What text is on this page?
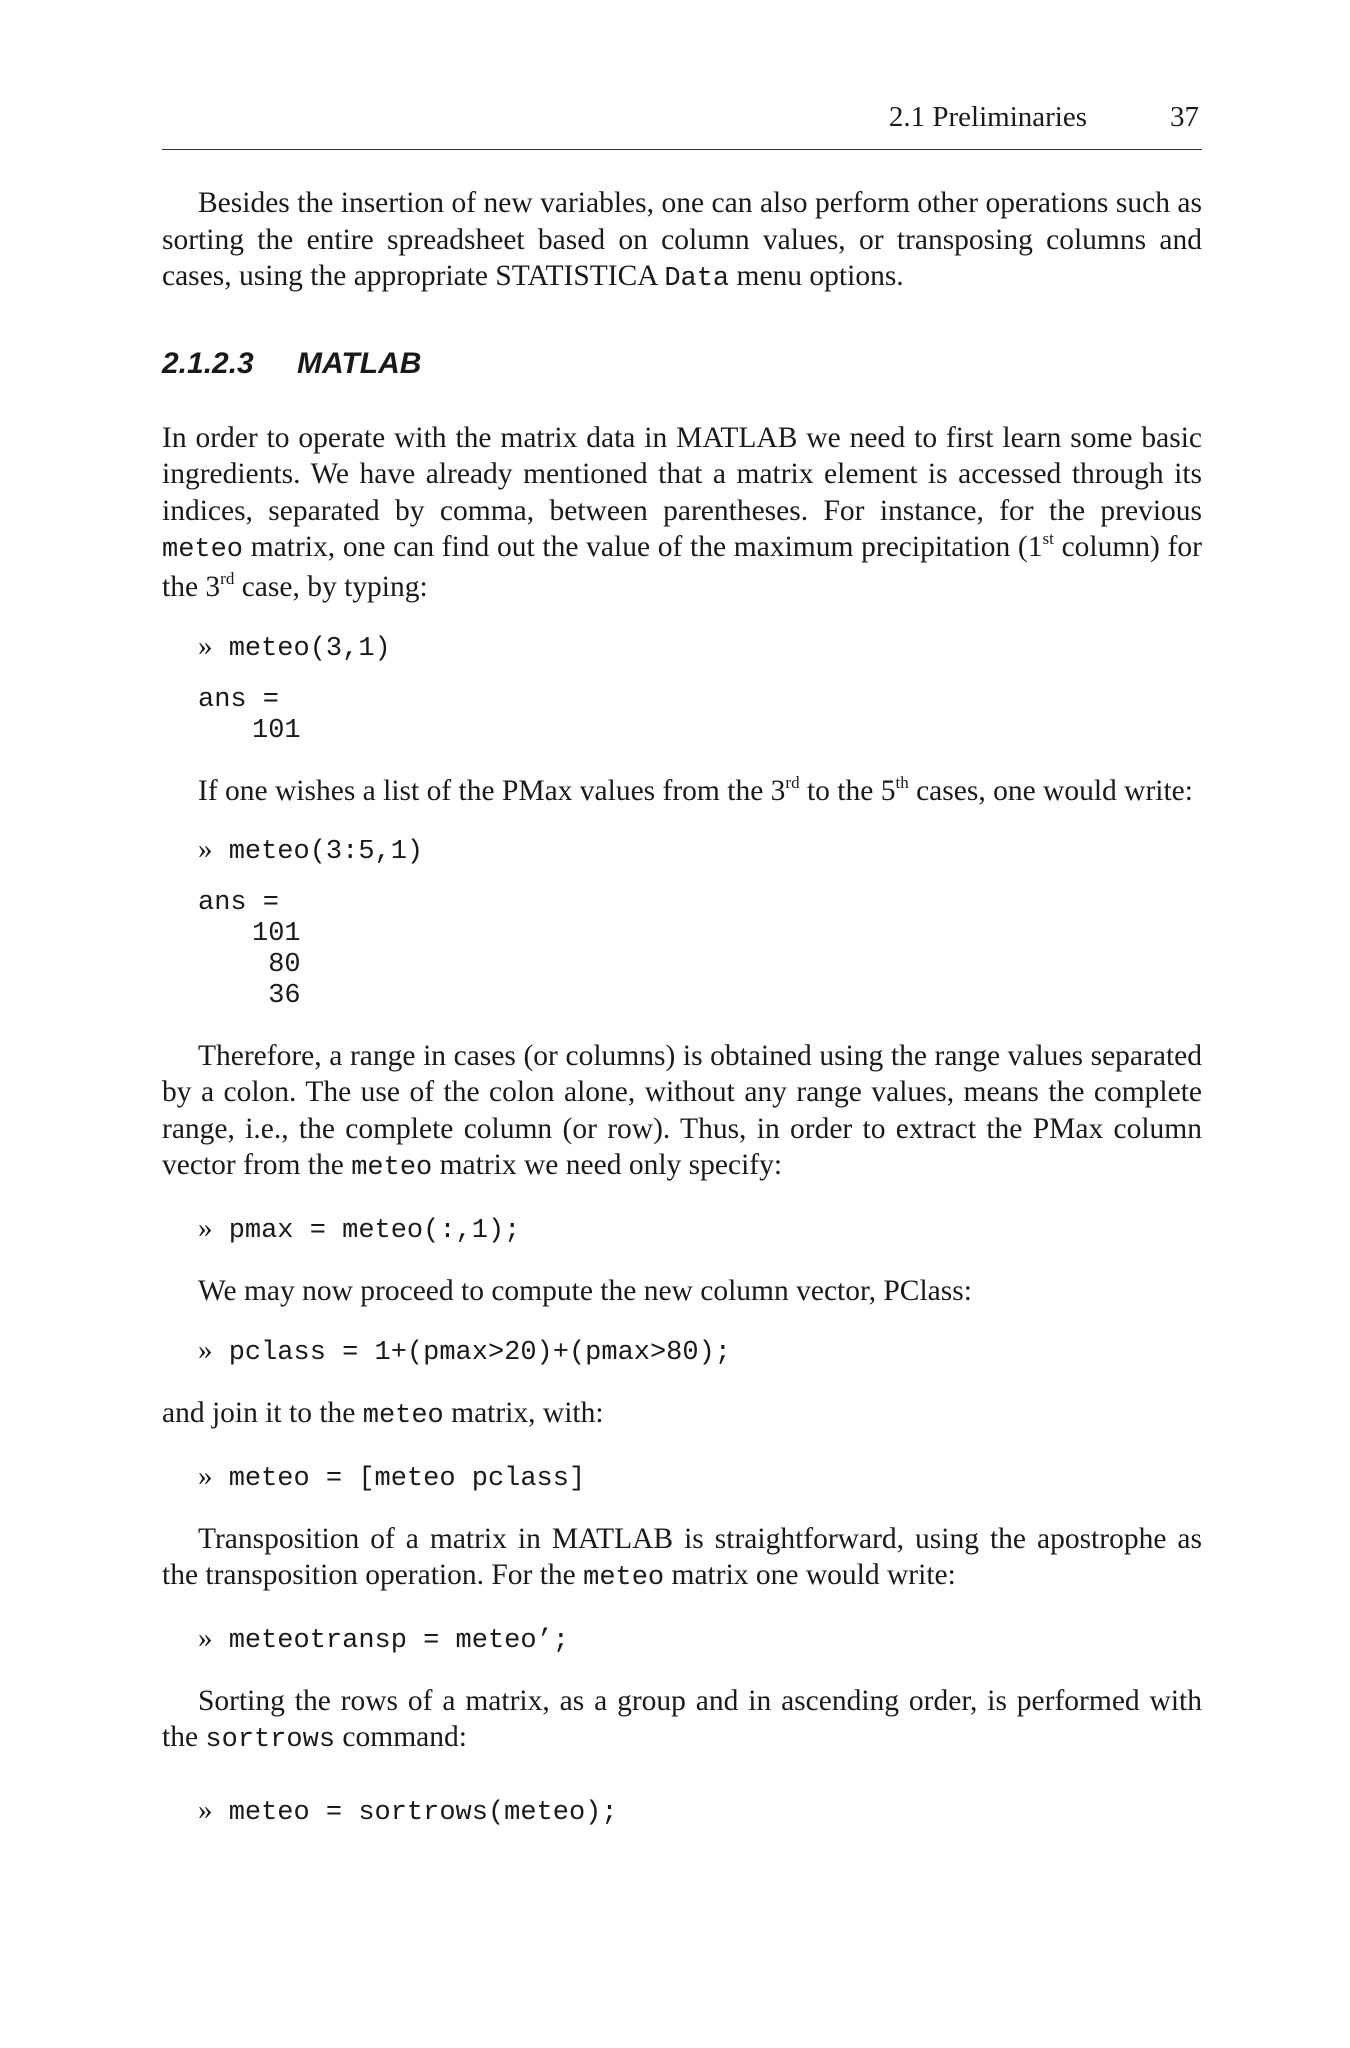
2.1 Preliminaries	37

Besides the insertion of new variables, one can also perform other operations such as sorting the entire spreadsheet based on column values, or transposing columns and cases, using the appropriate STATISTICA Data menu options.

2.1.2.3 MATLAB

In order to operate with the matrix data in MATLAB we need to first learn some basic ingredients. We have already mentioned that a matrix element is accessed through its indices, separated by comma, between parentheses. For instance, for the previous meteo matrix, one can find out the value of the maximum precipitation (1st column) for the 3rd case, by typing:

» meteo(3,1)
ans =
101

If one wishes a list of the PMax values from the 3rd to the 5th cases, one would write:

» meteo(3:5,1)
ans =
101
80
36

Therefore, a range in cases (or columns) is obtained using the range values separated by a colon. The use of the colon alone, without any range values, means the complete range, i.e., the complete column (or row). Thus, in order to extract the PMax column vector from the meteo matrix we need only specify:

» pmax = meteo(:,1);

We may now proceed to compute the new column vector, PClass:

» pclass = 1+(pmax>20)+(pmax>80);

and join it to the meteo matrix, with:

» meteo = [meteo pclass]

Transposition of a matrix in MATLAB is straightforward, using the apostrophe as the transposition operation. For the meteo matrix one would write:

» meteotransp = meteo’;

Sorting the rows of a matrix, as a group and in ascending order, is performed with the sortrows command:

» meteo = sortrows(meteo);
